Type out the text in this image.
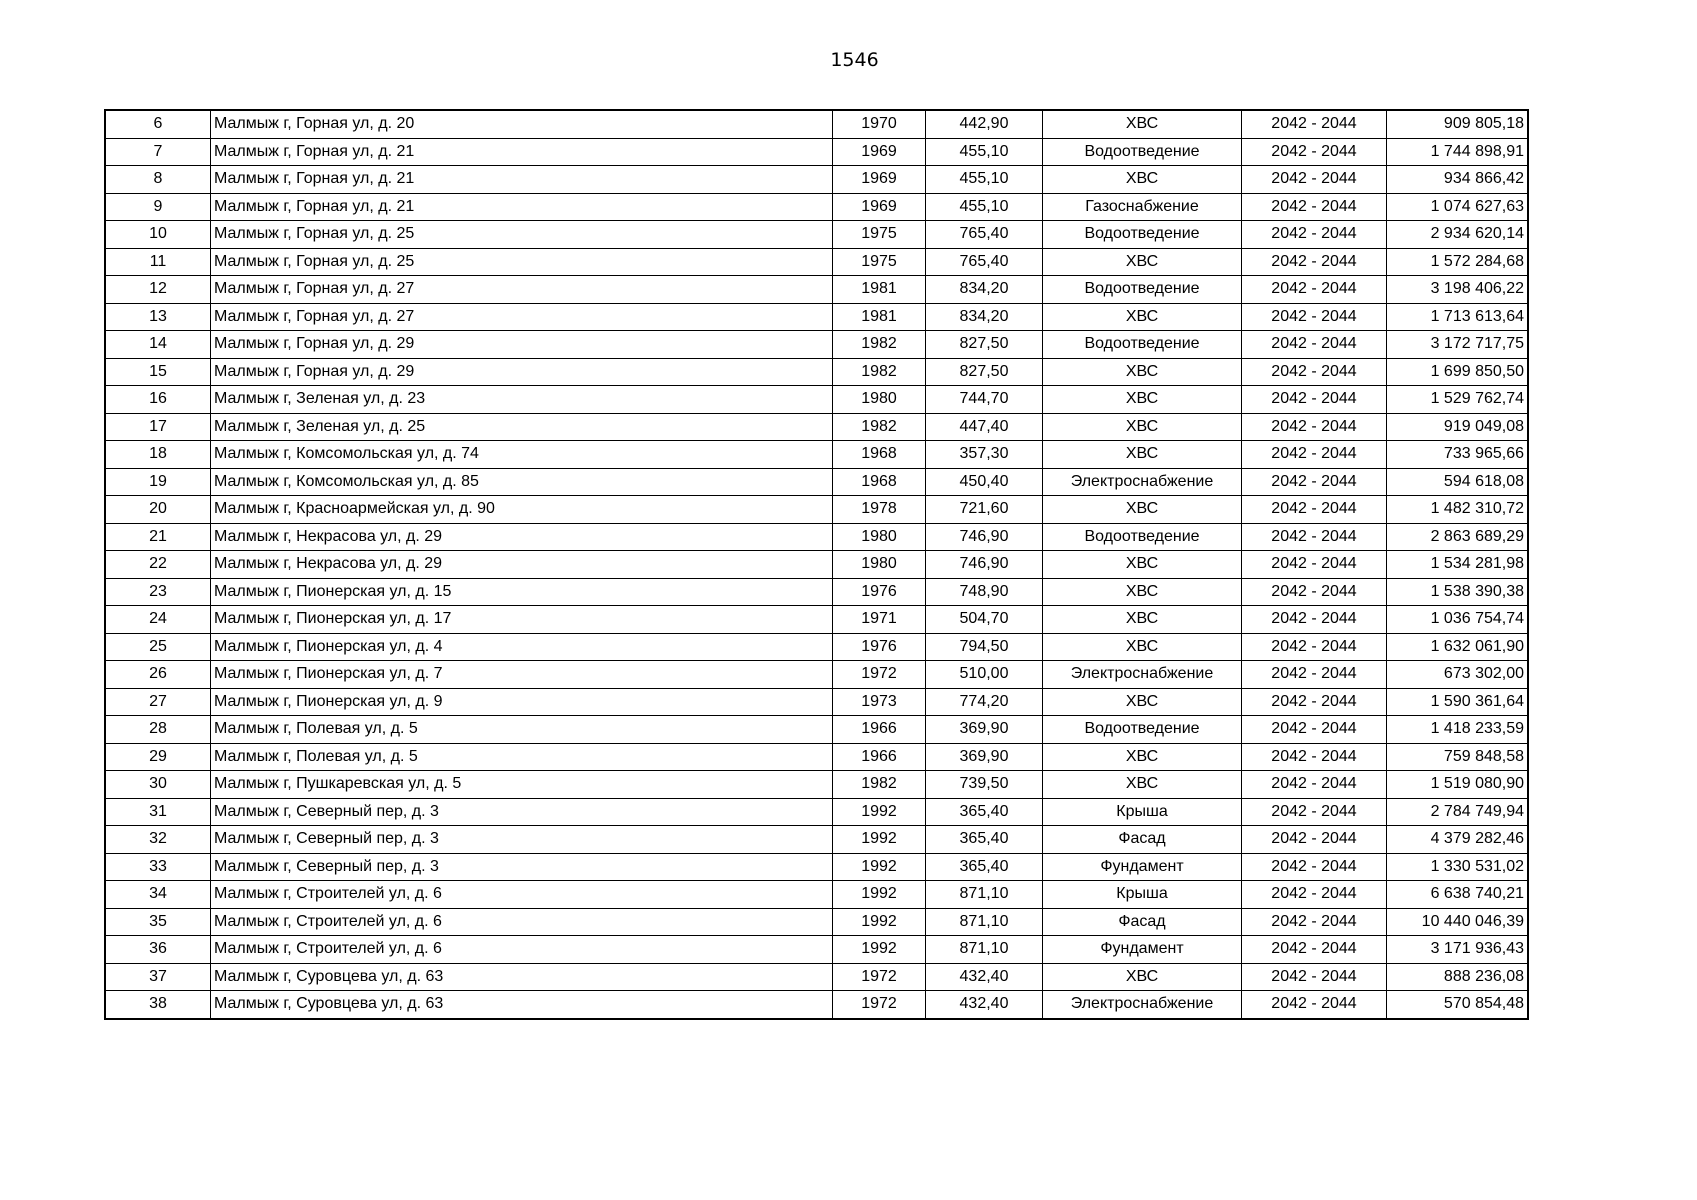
1546
6	Малмыж г, Горная ул, д. 20	1970	442,90	ХВС	2042 - 2044	909 805,18
7	Малмыж г, Горная ул, д. 21	1969	455,10	Водоотведение	2042 - 2044	1 744 898,91
8	Малмыж г, Горная ул, д. 21	1969	455,10	ХВС	2042 - 2044	934 866,42
9	Малмыж г, Горная ул, д. 21	1969	455,10	Газоснабжение	2042 - 2044	1 074 627,63
10	Малмыж г, Горная ул, д. 25	1975	765,40	Водоотведение	2042 - 2044	2 934 620,14
11	Малмыж г, Горная ул, д. 25	1975	765,40	ХВС	2042 - 2044	1 572 284,68
12	Малмыж г, Горная ул, д. 27	1981	834,20	Водоотведение	2042 - 2044	3 198 406,22
13	Малмыж г, Горная ул, д. 27	1981	834,20	ХВС	2042 - 2044	1 713 613,64
14	Малмыж г, Горная ул, д. 29	1982	827,50	Водоотведение	2042 - 2044	3 172 717,75
15	Малмыж г, Горная ул, д. 29	1982	827,50	ХВС	2042 - 2044	1 699 850,50
16	Малмыж г, Зеленая ул, д. 23	1980	744,70	ХВС	2042 - 2044	1 529 762,74
17	Малмыж г, Зеленая ул, д. 25	1982	447,40	ХВС	2042 - 2044	919 049,08
18	Малмыж г, Комсомольская ул, д. 74	1968	357,30	ХВС	2042 - 2044	733 965,66
19	Малмыж г, Комсомольская ул, д. 85	1968	450,40	Электроснабжение	2042 - 2044	594 618,08
20	Малмыж г, Красноармейская ул, д. 90	1978	721,60	ХВС	2042 - 2044	1 482 310,72
21	Малмыж г, Некрасова ул, д. 29	1980	746,90	Водоотведение	2042 - 2044	2 863 689,29
22	Малмыж г, Некрасова ул, д. 29	1980	746,90	ХВС	2042 - 2044	1 534 281,98
23	Малмыж г, Пионерская ул, д. 15	1976	748,90	ХВС	2042 - 2044	1 538 390,38
24	Малмыж г, Пионерская ул, д. 17	1971	504,70	ХВС	2042 - 2044	1 036 754,74
25	Малмыж г, Пионерская ул, д. 4	1976	794,50	ХВС	2042 - 2044	1 632 061,90
26	Малмыж г, Пионерская ул, д. 7	1972	510,00	Электроснабжение	2042 - 2044	673 302,00
27	Малмыж г, Пионерская ул, д. 9	1973	774,20	ХВС	2042 - 2044	1 590 361,64
28	Малмыж г, Полевая ул, д. 5	1966	369,90	Водоотведение	2042 - 2044	1 418 233,59
29	Малмыж г, Полевая ул, д. 5	1966	369,90	ХВС	2042 - 2044	759 848,58
30	Малмыж г, Пушкаревская ул, д. 5	1982	739,50	ХВС	2042 - 2044	1 519 080,90
31	Малмыж г, Северный пер, д. 3	1992	365,40	Крыша	2042 - 2044	2 784 749,94
32	Малмыж г, Северный пер, д. 3	1992	365,40	Фасад	2042 - 2044	4 379 282,46
33	Малмыж г, Северный пер, д. 3	1992	365,40	Фундамент	2042 - 2044	1 330 531,02
34	Малмыж г, Строителей ул, д. 6	1992	871,10	Крыша	2042 - 2044	6 638 740,21
35	Малмыж г, Строителей ул, д. 6	1992	871,10	Фасад	2042 - 2044	10 440 046,39
36	Малмыж г, Строителей ул, д. 6	1992	871,10	Фундамент	2042 - 2044	3 171 936,43
37	Малмыж г, Суровцева ул, д. 63	1972	432,40	ХВС	2042 - 2044	888 236,08
38	Малмыж г, Суровцева ул, д. 63	1972	432,40	Электроснабжение	2042 - 2044	570 854,48
